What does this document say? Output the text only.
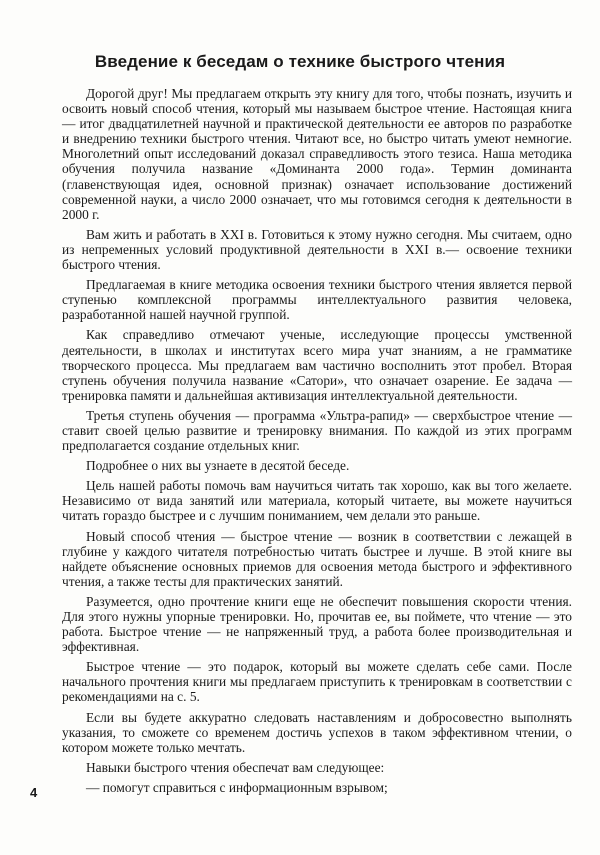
Введение к беседам о технике быстрого чтения

Дорогой друг! Мы предлагаем открыть эту книгу для того, чтобы познать, изучить и освоить новый способ чтения, который мы называем быстрое чтение. Настоящая книга — итог двадцатилетней научной и практической деятельности ее авторов по разработке и внедрению техники быстрого чтения. Читают все, но быстро читать умеют немногие. Многолетний опыт исследований доказал справедливость этого тезиса. Наша методика обучения получила название «Доминанта 2000 года». Термин доминанта (главенствующая идея, основной признак) означает использование достижений современной науки, а число 2000 означает, что мы готовимся сегодня к деятельности в 2000 г.

Вам жить и работать в XXI в. Готовиться к этому нужно сегодня. Мы считаем, одно из непременных условий продуктивной деятельности в XXI в.— освоение техники быстрого чтения.

Предлагаемая в книге методика освоения техники быстрого чтения является первой ступенью комплексной программы интеллектуального развития человека, разработанной нашей научной группой.

Как справедливо отмечают ученые, исследующие процессы умственной деятельности, в школах и институтах всего мира учат знаниям, а не грамматике творческого процесса. Мы предлагаем вам частично восполнить этот пробел. Вторая ступень обучения получила название «Сатори», что означает озарение. Ее задача — тренировка памяти и дальнейшая активизация интеллектуальной деятельности.

Третья ступень обучения — программа «Ультра-рапид» — сверхбыстрое чтение — ставит своей целью развитие и тренировку внимания. По каждой из этих программ предполагается создание отдельных книг.

Подробнее о них вы узнаете в десятой беседе.

Цель нашей работы помочь вам научиться читать так хорошо, как вы того желаете. Независимо от вида занятий или материала, который читаете, вы можете научиться читать гораздо быстрее и с лучшим пониманием, чем делали это раньше.

Новый способ чтения — быстрое чтение — возник в соответствии с лежащей в глубине у каждого читателя потребностью читать быстрее и лучше. В этой книге вы найдете объяснение основных приемов для освоения метода быстрого и эффективного чтения, а также тесты для практических занятий.

Разумеется, одно прочтение книги еще не обеспечит повышения скорости чтения. Для этого нужны упорные тренировки. Но, прочитав ее, вы поймете, что чтение — это работа. Быстрое чтение — не напряженный труд, а работа более производительная и эффективная.

Быстрое чтение — это подарок, который вы можете сделать себе сами. После начального прочтения книги мы предлагаем приступить к тренировкам в соответствии с рекомендациями на с. 5.

Если вы будете аккуратно следовать наставлениям и добросовестно выполнять указания, то сможете со временем достичь успехов в таком эффективном чтении, о котором можете только мечтать.

Навыки быстрого чтения обеспечат вам следующее:

— помогут справиться с информационным взрывом;

4
